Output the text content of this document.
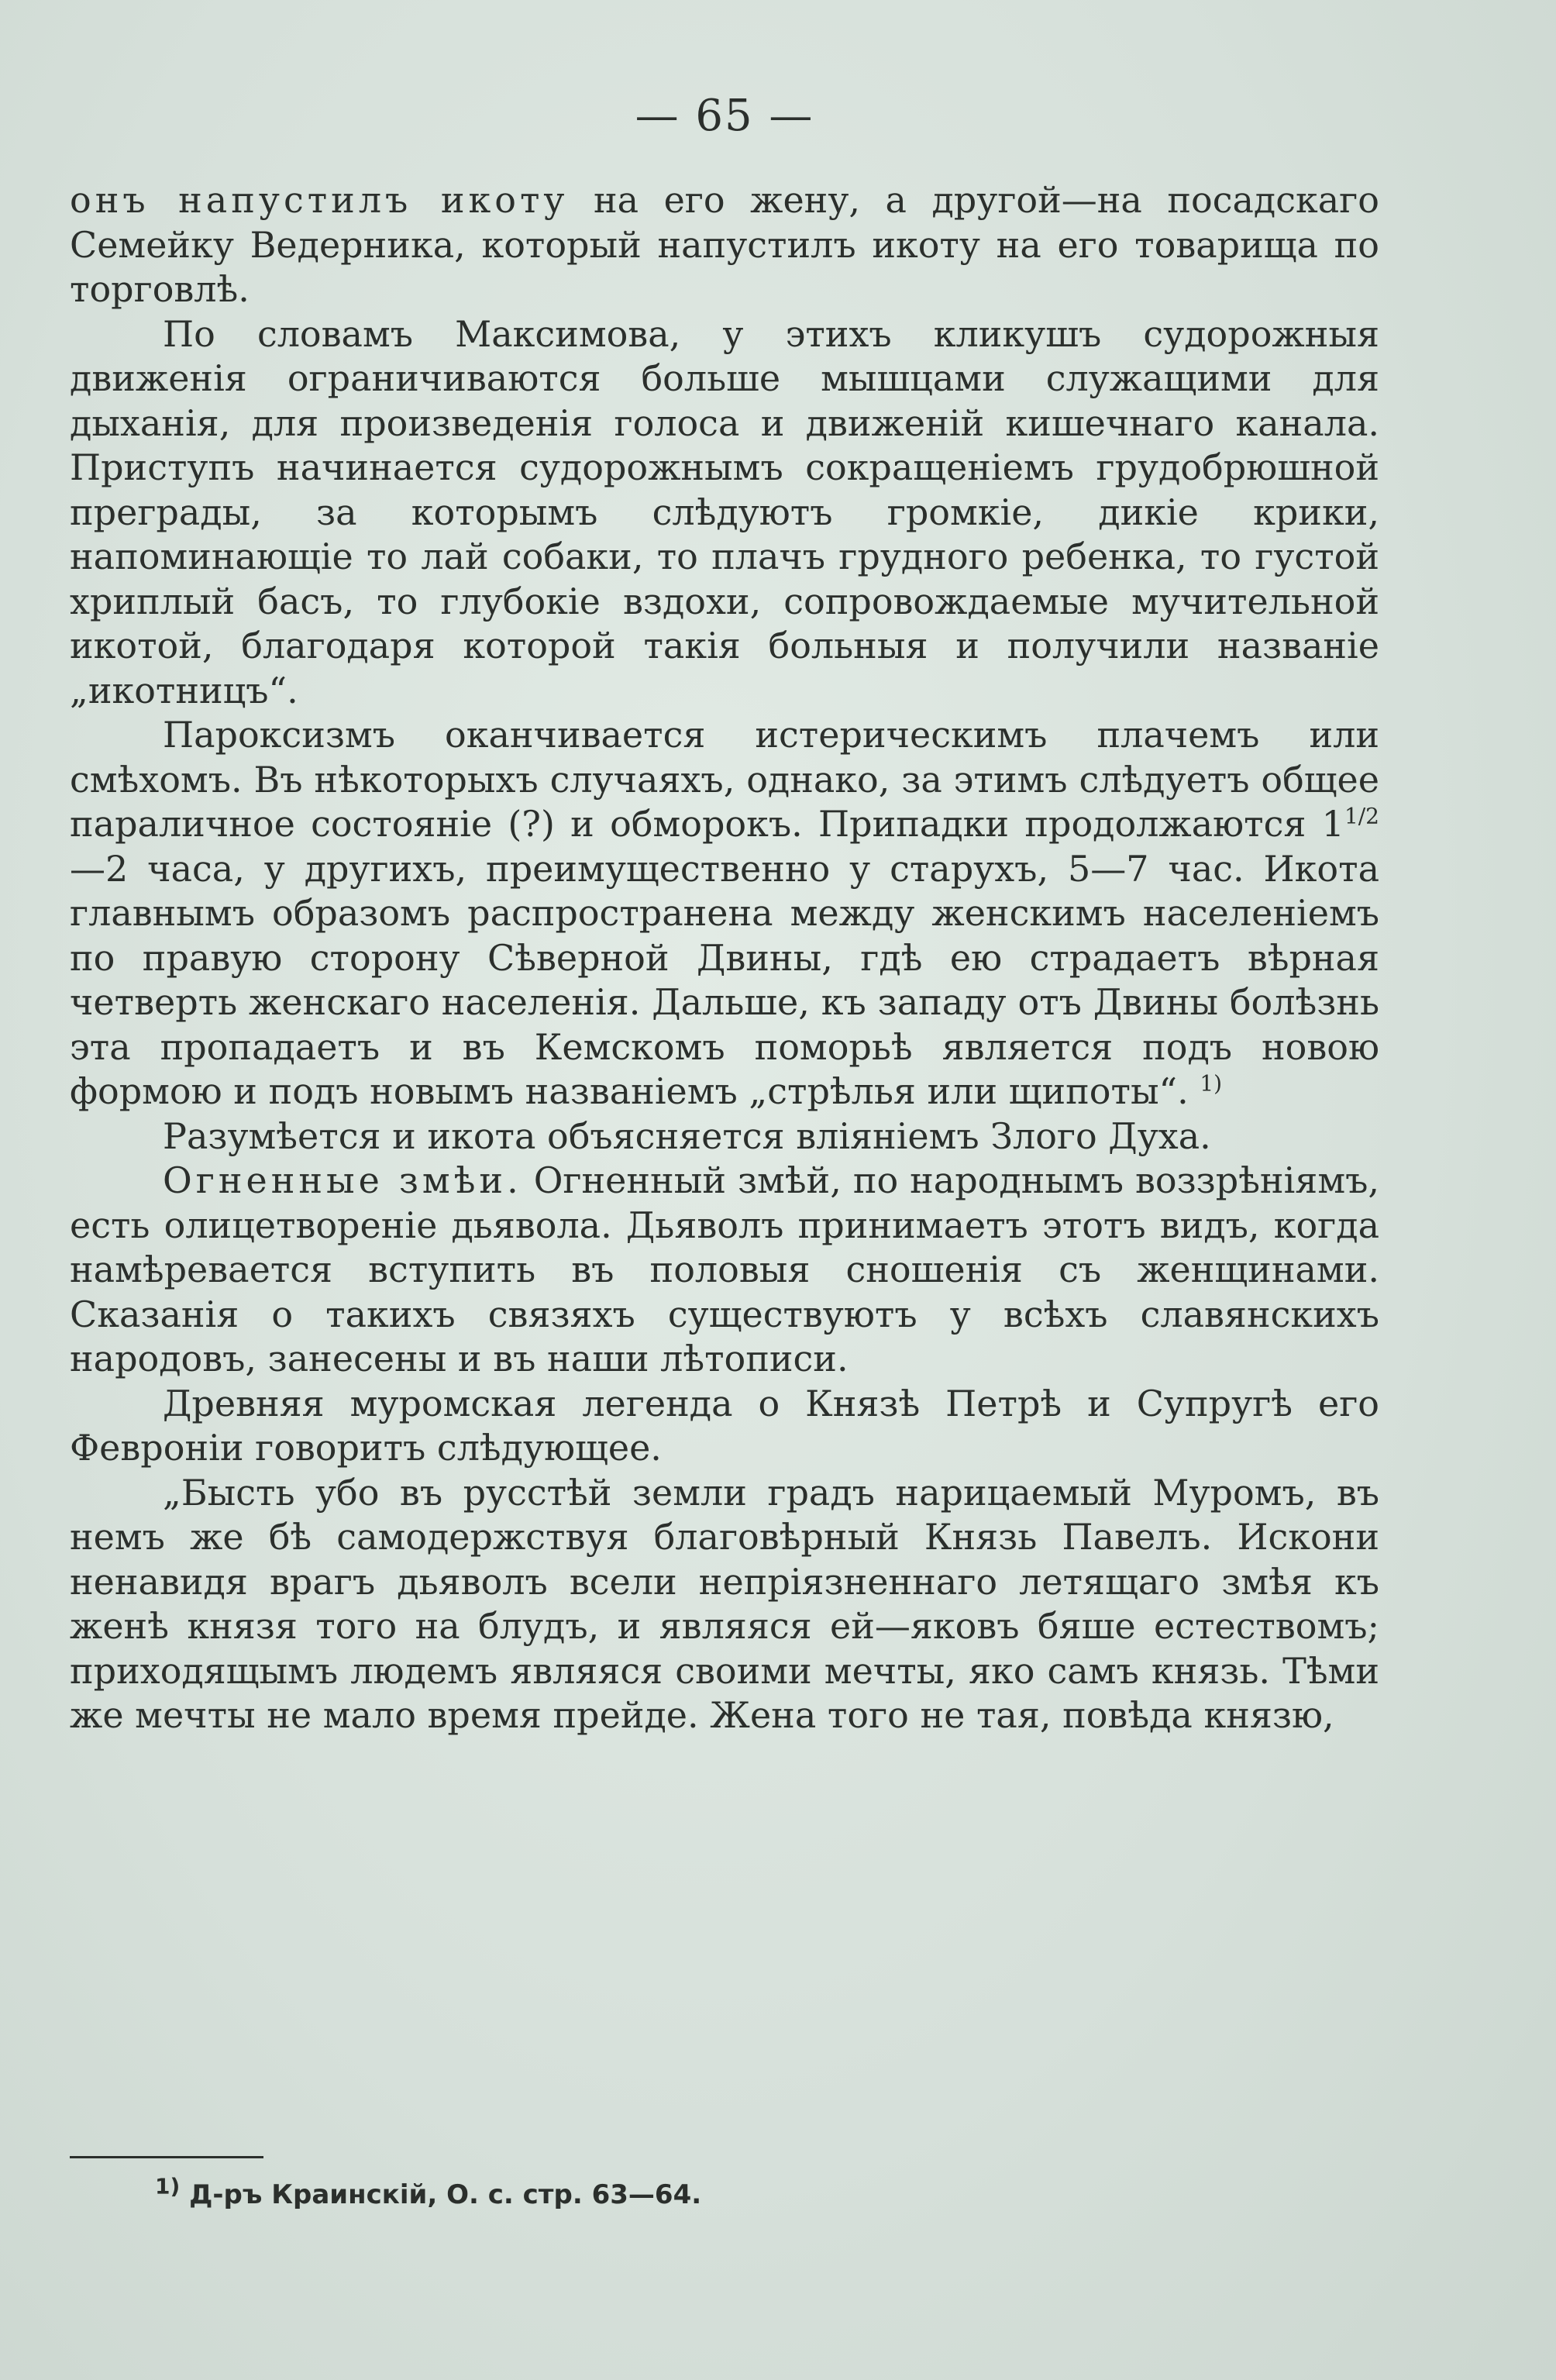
— 65 —

онъ напустилъ икоту на его жену, а другой—на посадскаго Семейку Ведерника, который напустилъ икоту на его товарища по торговлѣ.

По словамъ Максимова, у этихъ кликушъ судорожныя движенія ограничиваются больше мышцами служащими для дыханія, для произведенія голоса и движеній кишечнаго канала. Приступъ начинается судорожнымъ сокращеніемъ грудобрюшной преграды, за которымъ слѣдуютъ громкіе, дикіе крики, напоминающіе то лай собаки, то плачъ грудного ребенка, то густой хриплый басъ, то глубокіе вздохи, сопровождаемые мучительной икотой, благодаря которой такія больныя и получили названіе „икотницъ“.

Пароксизмъ оканчивается истерическимъ плачемъ или смѣхомъ. Въ нѣкоторыхъ случаяхъ, однако, за этимъ слѣдуетъ общее параличное состояніе (?) и обморокъ. Припадки продолжаются $1^{1/2}—2$ часа, у другихъ, преимущественно у старухъ, 5—7 час. Икота главнымъ образомъ распространена между женскимъ населеніемъ по правую сторону Сѣверной Двины, гдѣ ею страдаетъ вѣрная четверть женскаго населенія. Дальше, къ западу отъ Двины болѣзнь эта пропадаетъ и въ Кемскомъ поморьѣ является подъ новою формою и подъ новымъ названіемъ „стрѣлья или щипоты“. $^{1)}$

Разумѣется и икота объясняется вліяніемъ Злого Духа.

Огненные змѣи. Огненный змѣй, по народнымъ воззрѣніямъ, есть олицетвореніе дьявола. Дьяволъ принимаетъ этотъ видъ, когда намѣревается вступить въ половыя сношенія съ женщинами. Сказанія о такихъ связяхъ существуютъ у всѣхъ славянскихъ народовъ, занесены и въ наши лѣтописи.

Древняя муромская легенда о Князѣ Петрѣ и Супругѣ его Февроніи говоритъ слѣдующее.

„Бысть убо въ русстѣй земли градъ нарицаемый Муромъ, въ немъ же бѣ самодержствуя благовѣрный Князь Павелъ. Искони ненавидя врагъ дьяволъ всели непріязненнаго летящаго змѣя къ женѣ князя того на блудъ, и являяся ей—яковъ бяше естествомъ; приходящымъ людемъ являяся своими мечты, яко самъ князь. Тѣми же мечты не мало время прейде. Жена того не тая, повѣда князю,

$^{1)}$ Д-ръ Краинскій, О. с. стр. 63—64.
